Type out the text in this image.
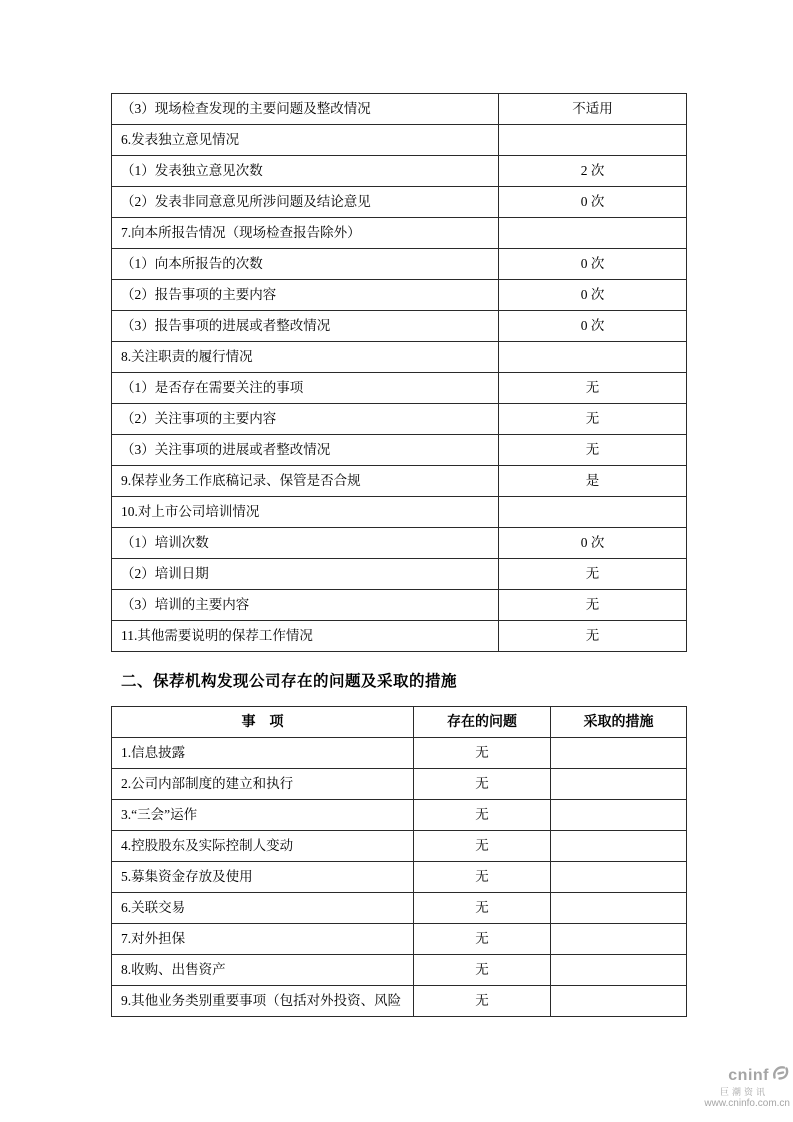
（3）现场检查发现的主要问题及整改情况	不适用
6.发表独立意见情况	
（1）发表独立意见次数	2 次
（2）发表非同意意见所涉问题及结论意见	0 次
7.向本所报告情况（现场检查报告除外）	
（1）向本所报告的次数	0 次
（2）报告事项的主要内容	0 次
（3）报告事项的进展或者整改情况	0 次
8.关注职责的履行情况	
（1）是否存在需要关注的事项	无
（2）关注事项的主要内容	无
（3）关注事项的进展或者整改情况	无
9.保荐业务工作底稿记录、保管是否合规	是
10.对上市公司培训情况	
（1）培训次数	0 次
（2）培训日期	无
（3）培训的主要内容	无
11.其他需要说明的保荐工作情况	无
二、保荐机构发现公司存在的问题及采取的措施
事　项	存在的问题	采取的措施
1.信息披露	无	
2.公司内部制度的建立和执行	无	
3.“三会”运作	无	
4.控股股东及实际控制人变动	无	
5.募集资金存放及使用	无	
6.关联交易	无	
7.对外担保	无	
8.收购、出售资产	无	
9.其他业务类别重要事项（包括对外投资、风险	无	
cninf
巨潮资讯
www.cninfo.com.cn
